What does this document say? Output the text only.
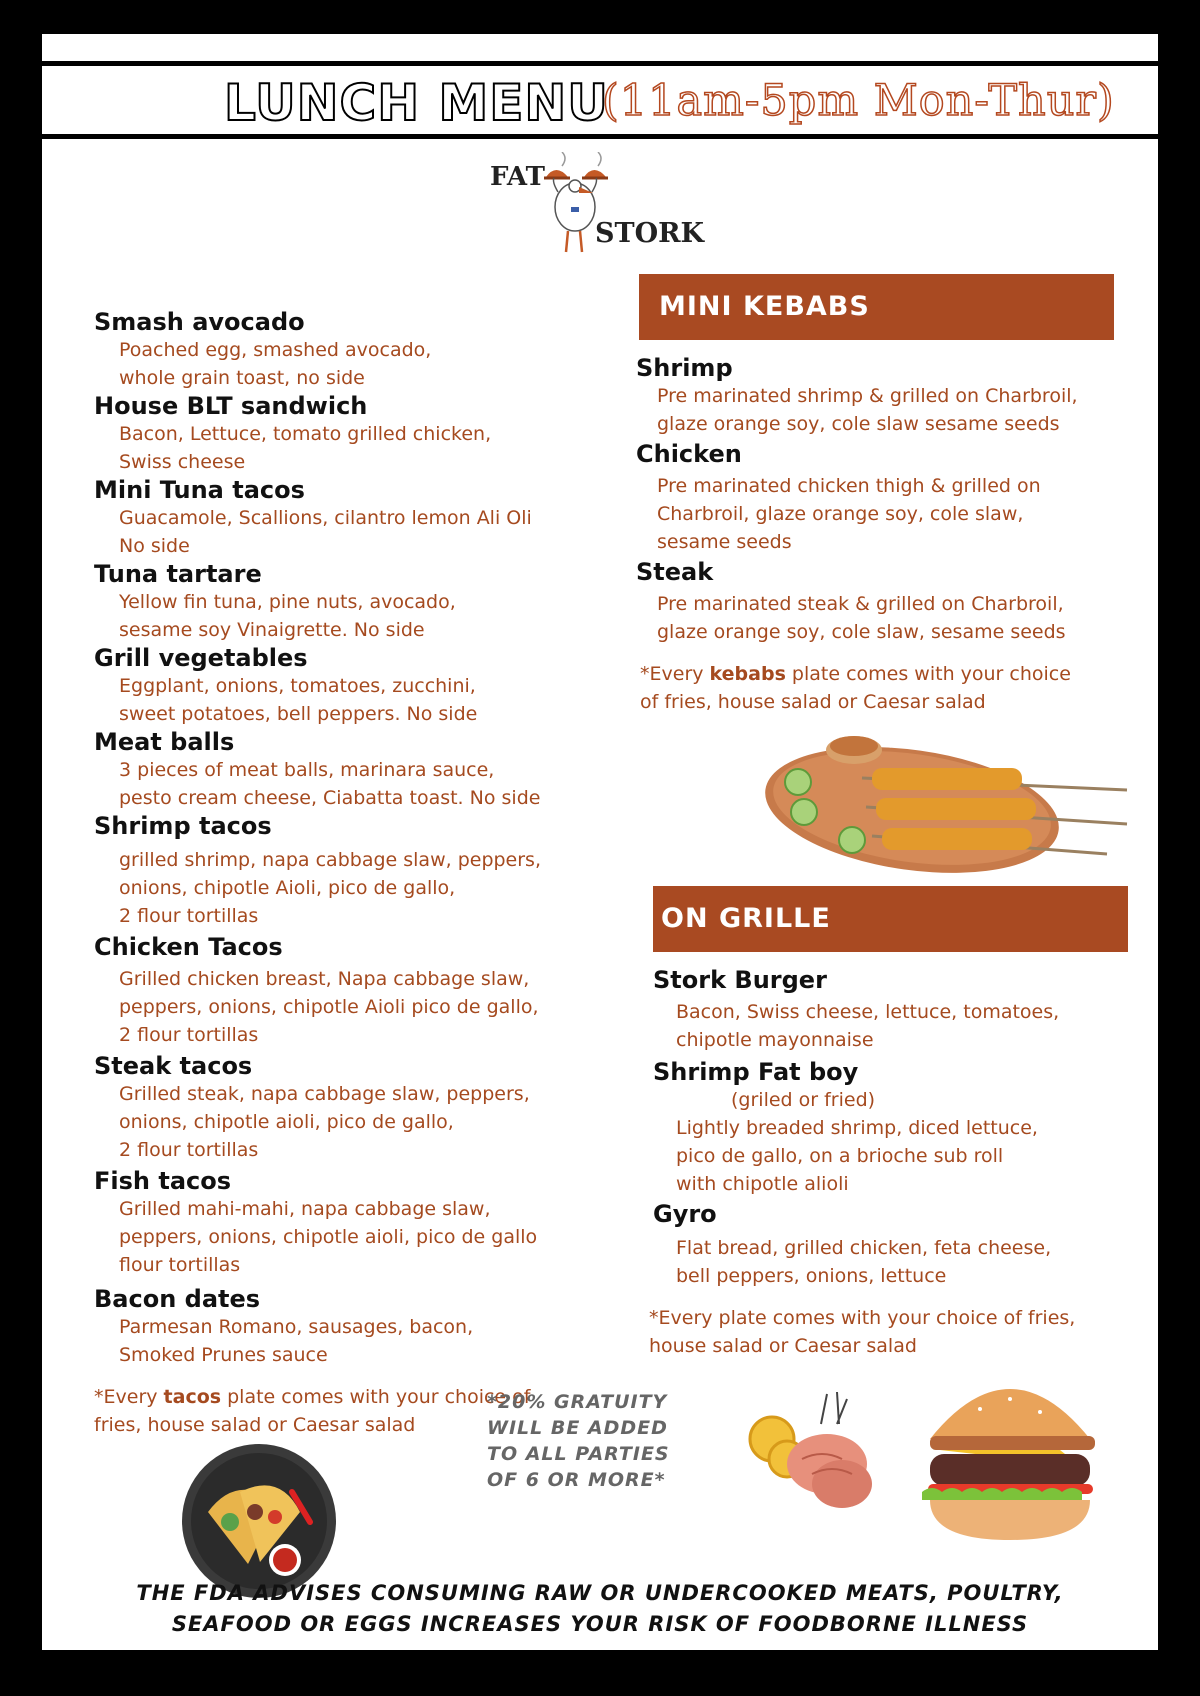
LUNCH MENU
(11am-5pm Mon-Thur)
FAT
STORK
Smash avocado
Poached egg, smashed avocado,
whole grain toast, no side
House BLT sandwich
Bacon, Lettuce, tomato grilled chicken,
Swiss cheese
Mini Tuna tacos
Guacamole, Scallions, cilantro lemon Ali Oli
No side
Tuna tartare
Yellow fin tuna, pine nuts, avocado,
sesame soy Vinaigrette. No side
Grill vegetables
Eggplant, onions, tomatoes, zucchini,
sweet potatoes, bell peppers. No side
Meat balls
3 pieces of meat balls, marinara sauce,
pesto cream cheese, Ciabatta toast. No side
Shrimp tacos
grilled shrimp, napa cabbage slaw, peppers,
onions, chipotle Aioli, pico de gallo,
2 flour tortillas
Chicken Tacos
Grilled chicken breast, Napa cabbage slaw,
peppers, onions, chipotle Aioli pico de gallo,
2 flour tortillas
Steak tacos
Grilled steak, napa cabbage slaw, peppers,
onions, chipotle aioli, pico de gallo,
2 flour tortillas
Fish tacos
Grilled mahi-mahi, napa cabbage slaw,
peppers, onions, chipotle aioli, pico de gallo
flour tortillas
Bacon dates
Parmesan Romano, sausages, bacon,
Smoked Prunes sauce
*Every tacos plate comes with your choice of
fries, house salad or Caesar salad
*20% GRATUITY
WILL BE ADDED
TO ALL PARTIES
OF 6 OR MORE*
MINI KEBABS
Shrimp
Pre marinated shrimp & grilled on Charbroil,
glaze orange soy, cole slaw sesame seeds
Chicken
Pre marinated chicken thigh & grilled on
Charbroil, glaze orange soy, cole slaw,
sesame seeds
Steak
Pre marinated steak & grilled on Charbroil,
glaze orange soy, cole slaw, sesame seeds
*Every kebabs plate comes with your choice
of fries, house salad or Caesar salad
ON GRILLE
Stork Burger
Bacon, Swiss cheese, lettuce, tomatoes,
chipotle mayonnaise
Shrimp Fat boy
(griled or fried)
Lightly breaded shrimp, diced lettuce,
pico de gallo, on a brioche sub roll
with chipotle alioli
Gyro
Flat bread, grilled chicken, feta cheese,
bell peppers, onions, lettuce
*Every plate comes with your choice of fries,
house salad or Caesar salad
THE FDA ADVISES CONSUMING RAW OR UNDERCOOKED MEATS, POULTRY,
SEAFOOD OR EGGS INCREASES YOUR RISK OF FOODBORNE ILLNESS
